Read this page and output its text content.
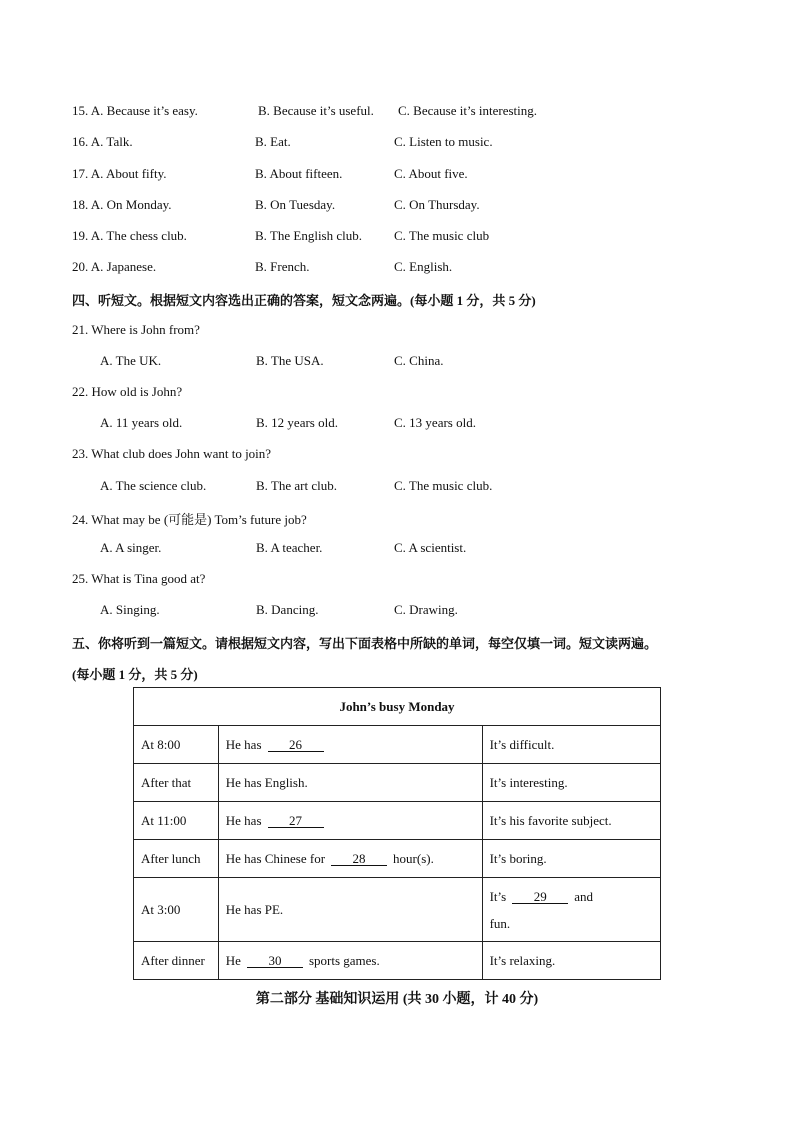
15. A. Because it’s easy.	B. Because it’s useful. C. Because it’s interesting.
16. A. Talk.	B. Eat.	C. Listen to music.
17. A. About fifty.	B. About fifteen.	C. About five.
18. A. On Monday.	B. On Tuesday.	C. On Thursday.
19. A. The chess club.	B. The English club. C. The music club
20. A. Japanese.	B. French.	C. English.
四、听短文。根据短文内容选出正确的答案，短文念两遍。(每小题 1 分，共 5 分)
21. Where is John from?
A. The UK.	B. The USA.	C. China.
22. How old is John?
A. 11 years old.	B. 12 years old.	C. 13 years old.
23. What club does John want to join?
A. The science club.	B. The art club.	C. The music club.
24. What may be (可能是) Tom’s future job?
A. A singer.	B. A teacher.	C. A scientist.
25. What is Tina good at?
A. Singing.	B. Dancing.	C. Drawing.
五、你将听到一篇短文。请根据短文内容，写出下面表格中所缺的单词，每空仅填一词。短文读两遍。
(每小题 1 分，共 5 分)
John’s busy Monday		
At 8:00	He has 26	It’s difficult.
After that	He has English.	It’s interesting.
At 11:00	He has 27	It’s his favorite subject.
After lunch	He has Chinese for 28 hour(s).	It’s boring.
At 3:00	He has PE.	It’s 29 and
fun.

After dinner	He 30 sports games.	It’s relaxing.
第二部分 基础知识运用 (共 30 小题，计 40 分)
